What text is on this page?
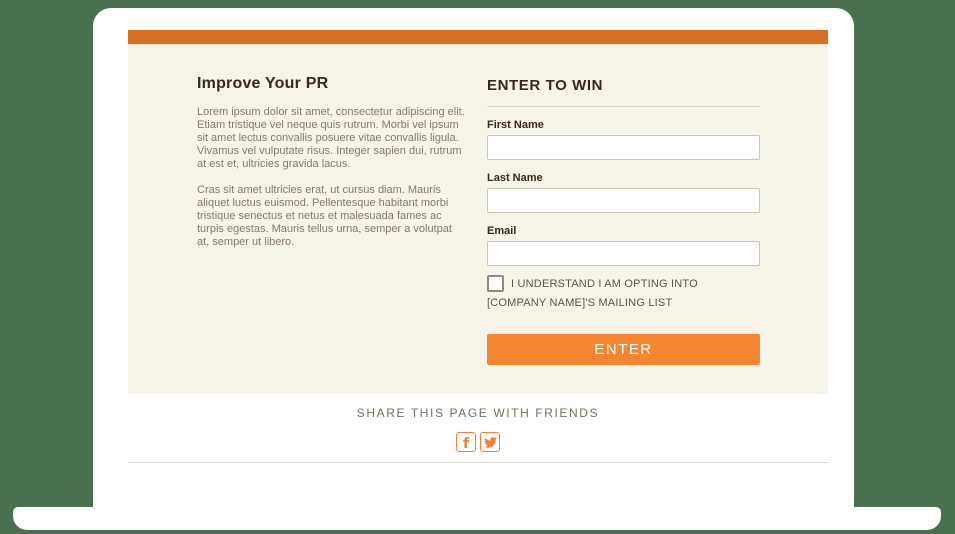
Improve Your PR

Lorem ipsum dolor sit amet, consectetur adipiscing elit. Etiam tristique vel neque quis rutrum. Morbi vel ipsum sit amet lectus convallis posuere vitae convallis ligula. Vivamus vel vulputate risus. Integer sapien dui, rutrum at est et, ultricies gravida lacus.

Cras sit amet ultricies erat, ut cursus diam. Mauris aliquet luctus euismod. Pellentesque habitant morbi tristique senectus et netus et malesuada fames ac turpis egestas. Mauris tellus urna, semper a volutpat at, semper ut libero.

ENTER TO WIN
First Name
Last Name
Email
I UNDERSTAND I AM OPTING INTO [COMPANY NAME]'S MAILING LIST
ENTER
SHARE THIS PAGE WITH FRIENDS
f
